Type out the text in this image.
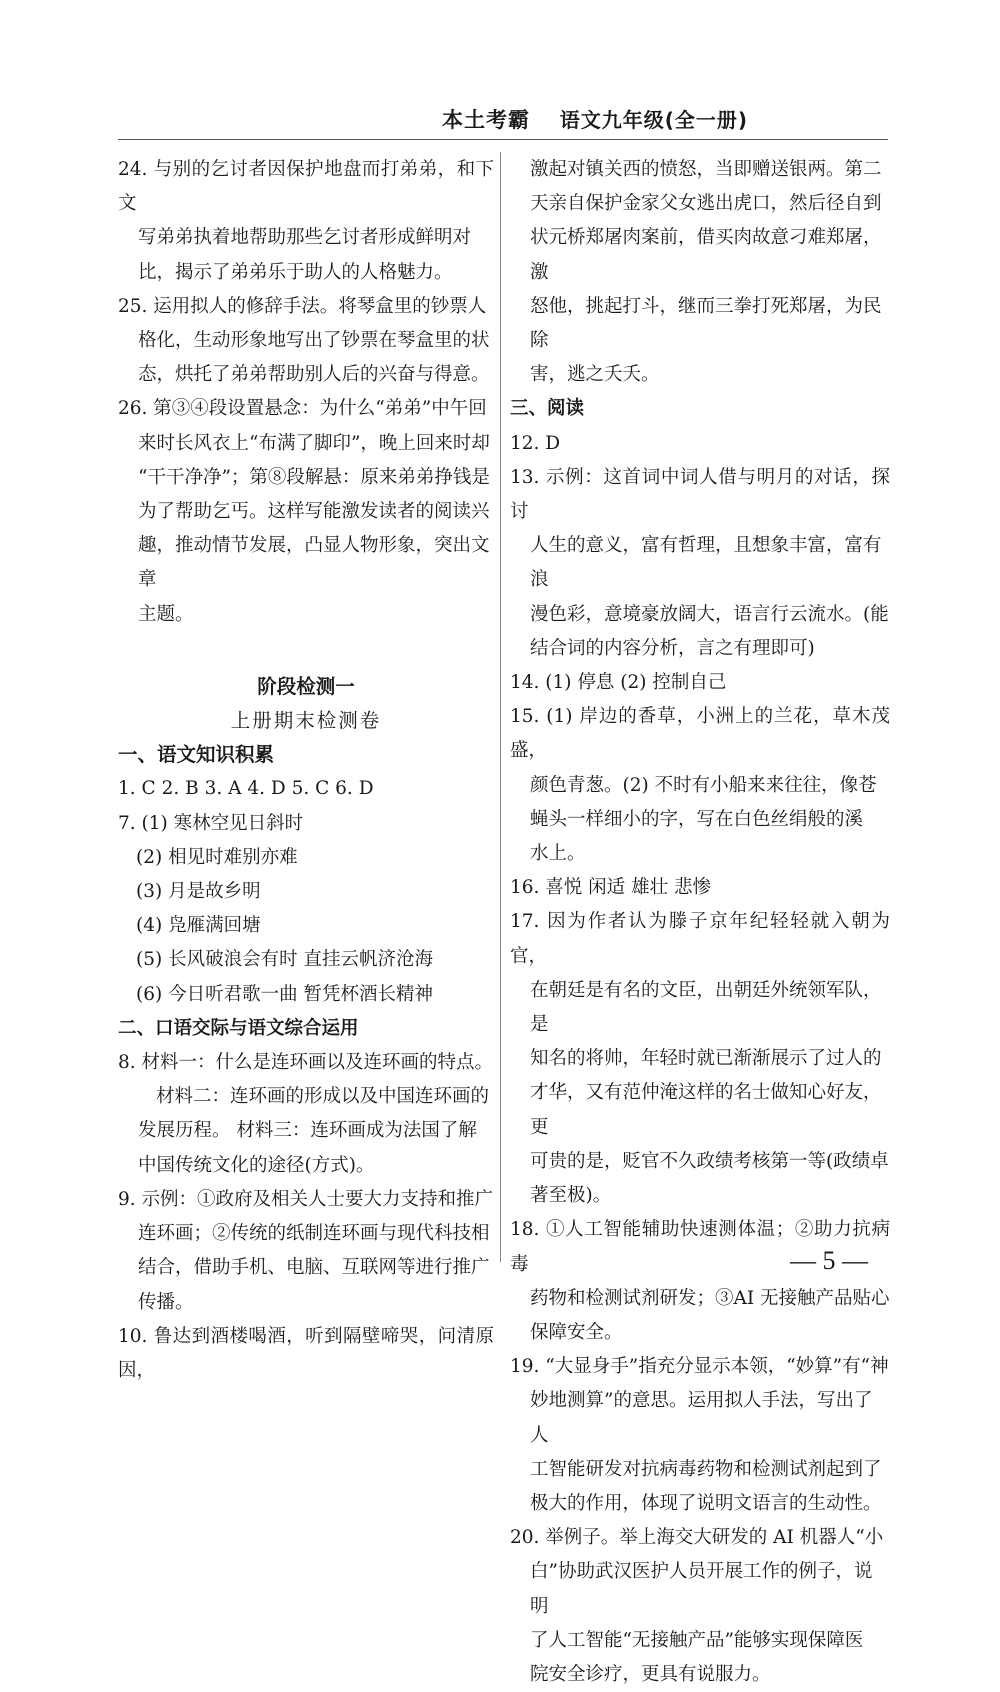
本土考霸 语文九年级(全一册)

24. 与别的乞讨者因保护地盘而打弟弟，和下文

写弟弟执着地帮助那些乞讨者形成鲜明对

比，揭示了弟弟乐于助人的人格魅力。

25. 运用拟人的修辞手法。将琴盒里的钞票人

格化，生动形象地写出了钞票在琴盒里的状

态，烘托了弟弟帮助别人后的兴奋与得意。

26. 第③④段设置悬念：为什么“弟弟”中午回

来时长风衣上“布满了脚印”，晚上回来时却

“干干净净”；第⑧段解悬：原来弟弟挣钱是

为了帮助乞丐。这样写能激发读者的阅读兴

趣，推动情节发展，凸显人物形象，突出文章

主题。

阶段检测一

上册期末检测卷

一、语文知识积累

1. C 2. B 3. A 4. D 5. C 6. D

7. (1) 寒林空见日斜时

(2) 相见时难别亦难

(3) 月是故乡明

(4) 凫雁满回塘

(5) 长风破浪会有时 直挂云帆济沧海

(6) 今日听君歌一曲 暂凭杯酒长精神

二、口语交际与语文综合运用

8. 材料一：什么是连环画以及连环画的特点。

材料二：连环画的形成以及中国连环画的

发展历程。 材料三：连环画成为法国了解

中国传统文化的途径(方式)。

9. 示例：①政府及相关人士要大力支持和推广

连环画；②传统的纸制连环画与现代科技相

结合，借助手机、电脑、互联网等进行推广

传播。

10. 鲁达到酒楼喝酒，听到隔壁啼哭，问清原因，

激起对镇关西的愤怒，当即赠送银两。第二

天亲自保护金家父女逃出虎口，然后径自到

状元桥郑屠肉案前，借买肉故意刁难郑屠，激

怒他，挑起打斗，继而三拳打死郑屠，为民除

害，逃之夭夭。

三、阅读

12. D

13. 示例：这首词中词人借与明月的对话，探讨

人生的意义，富有哲理，且想象丰富，富有浪

漫色彩，意境豪放阔大，语言行云流水。(能

结合词的内容分析，言之有理即可)

14. (1) 停息 (2) 控制自己

15. (1) 岸边的香草，小洲上的兰花，草木茂盛，

颜色青葱。(2) 不时有小船来来往往，像苍

蝇头一样细小的字，写在白色丝绢般的溪

水上。

16. 喜悦 闲适 雄壮 悲惨

17. 因为作者认为滕子京年纪轻轻就入朝为官，

在朝廷是有名的文臣，出朝廷外统领军队，是

知名的将帅，年轻时就已渐渐展示了过人的

才华，又有范仲淹这样的名士做知心好友，更

可贵的是，贬官不久政绩考核第一等(政绩卓

著至极)。

18. ①人工智能辅助快速测体温；②助力抗病毒

药物和检测试剂研发；③AI 无接触产品贴心

保障安全。

19. “大显身手”指充分显示本领，“妙算”有“神

妙地测算”的意思。运用拟人手法，写出了人

工智能研发对抗病毒药物和检测试剂起到了

极大的作用，体现了说明文语言的生动性。

20. 举例子。举上海交大研发的 AI 机器人“小

白”协助武汉医护人员开展工作的例子，说明

了人工智能“无接触产品”能够实现保障医

院安全诊疗，更具有说服力。

— 5 —
